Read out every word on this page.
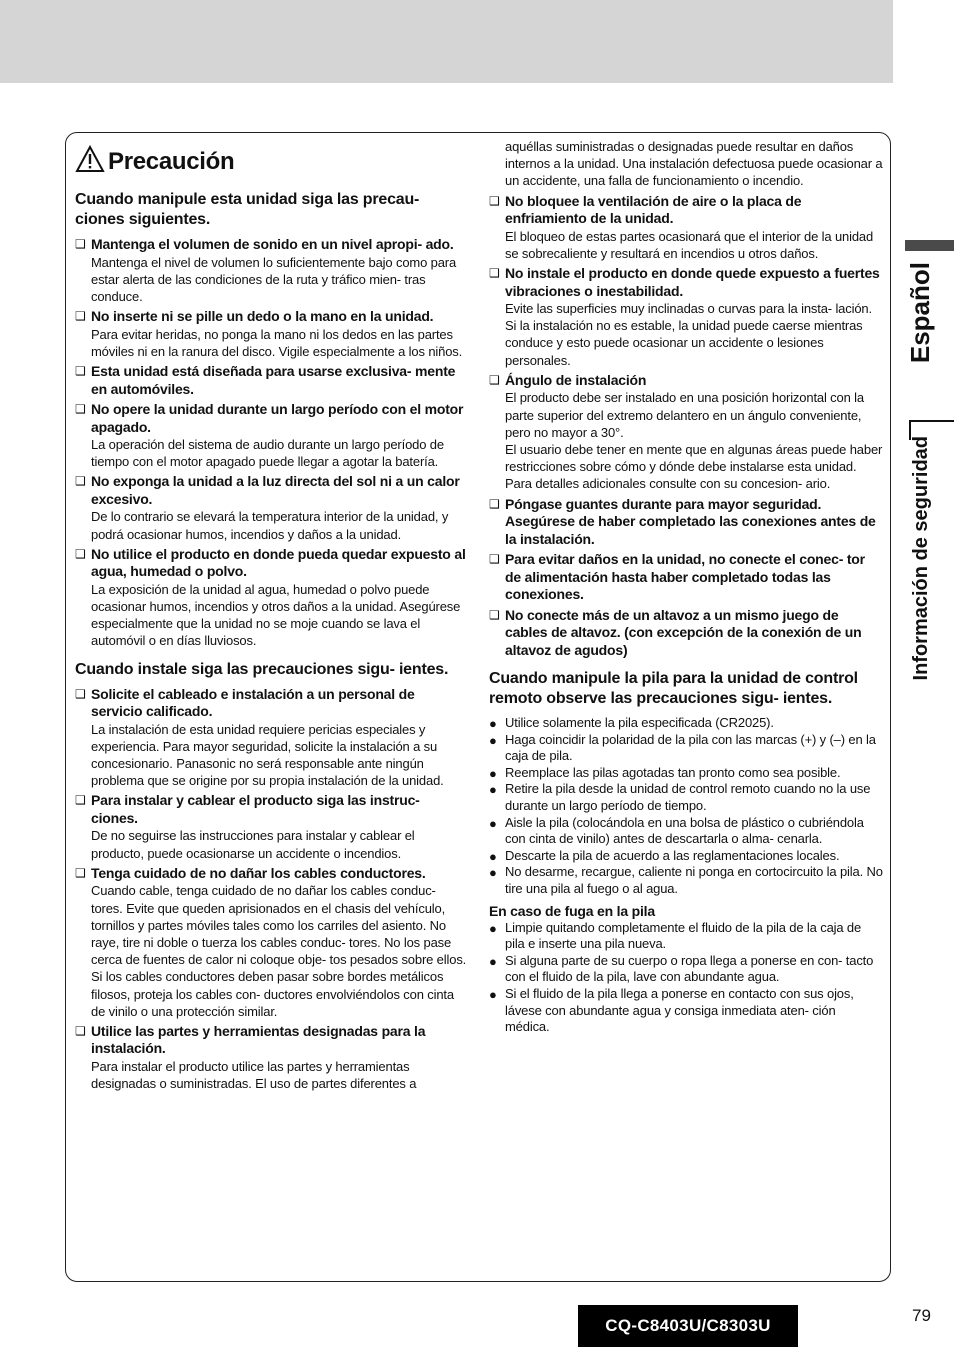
Precaución
Cuando manipule esta unidad siga las precau- ciones siguientes.
❑ Mantenga el volumen de sonido en un nivel apropi- ado.
Mantenga el nivel de volumen lo suficientemente bajo como para estar alerta de las condiciones de la ruta y tráfico mien- tras conduce.
❑ No inserte ni se pille un dedo o la mano en la unidad.
Para evitar heridas, no ponga la mano ni los dedos en las partes móviles ni en la ranura del disco. Vigile especialmente a los niños.
❑ Esta unidad está diseñada para usarse exclusiva- mente en automóviles.
❑ No opere la unidad durante un largo período con el motor apagado.
La operación del sistema de audio durante un largo período de tiempo con el motor apagado puede llegar a agotar la batería.
❑ No exponga la unidad a la luz directa del sol ni a un calor excesivo.
De lo contrario se elevará la temperatura interior de la unidad, y podrá ocasionar humos, incendios y daños a la unidad.
❑ No utilice el producto en donde pueda quedar expuesto al agua, humedad o polvo.
La exposición de la unidad al agua, humedad o polvo puede ocasionar humos, incendios y otros daños a la unidad. Asegúrese especialmente que la unidad no se moje cuando se lava el automóvil o en días lluviosos.
Cuando instale siga las precauciones sigu- ientes.
❑ Solicite el cableado e instalación a un personal de servicio calificado.
La instalación de esta unidad requiere pericias especiales y experiencia. Para mayor seguridad, solicite la instalación a su concesionario. Panasonic no será responsable ante ningún problema que se origine por su propia instalación de la unidad.
❑ Para instalar y cablear el producto siga las instruc- ciones.
De no seguirse las instrucciones para instalar y cablear el producto, puede ocasionarse un accidente o incendios.
❑ Tenga cuidado de no dañar los cables conductores.
Cuando cable, tenga cuidado de no dañar los cables conduc- tores. Evite que queden aprisionados en el chasis del vehículo, tornillos y partes móviles tales como los carriles del asiento. No raye, tire ni doble o tuerza los cables conduc- tores. No los pase cerca de fuentes de calor ni coloque obje- tos pesados sobre ellos. Si los cables conductores deben pasar sobre bordes metálicos filosos, proteja los cables con- ductores envolviéndolos con cinta de vinilo o una protección similar.
❑ Utilice las partes y herramientas designadas para la instalación.
Para instalar el producto utilice las partes y herramientas designadas o suministradas. El uso de partes diferentes a
aquéllas suministradas o designadas puede resultar en daños internos a la unidad. Una instalación defectuosa puede ocasionar a un accidente, una falla de funcionamiento o incendio.
❑ No bloquee la ventilación de aire o la placa de enfriamiento de la unidad.
El bloqueo de estas partes ocasionará que el interior de la unidad se sobrecaliente y resultará en incendios u otros daños.
❑ No instale el producto en donde quede expuesto a fuertes vibraciones o inestabilidad.
Evite las superficies muy inclinadas o curvas para la insta- lación. Si la instalación no es estable, la unidad puede caerse mientras conduce y esto puede ocasionar un accidente o lesiones personales.
❑ Ángulo de instalación
El producto debe ser instalado en una posición horizontal con la parte superior del extremo delantero en un ángulo conveniente, pero no mayor a 30°.
El usuario debe tener en mente que en algunas áreas puede haber restricciones sobre cómo y dónde debe instalarse esta unidad. Para detalles adicionales consulte con su concesion- ario.
❑ Póngase guantes durante para mayor seguridad. Asegúrese de haber completado las conexiones antes de la instalación.
❑ Para evitar daños en la unidad, no conecte el conec- tor de alimentación hasta haber completado todas las conexiones.
❑ No conecte más de un altavoz a un mismo juego de cables de altavoz. (con excepción de la conexión de un altavoz de agudos)
Cuando manipule la pila para la unidad de control remoto observe las precauciones sigu- ientes.
● Utilice solamente la pila especificada (CR2025).
● Haga coincidir la polaridad de la pila con las marcas (+) y (–) en la caja de pila.
● Reemplace las pilas agotadas tan pronto como sea posible.
● Retire la pila desde la unidad de control remoto cuando no la use durante un largo período de tiempo.
● Aisle la pila (colocándola en una bolsa de plástico o cubriéndola con cinta de vinilo) antes de descartarla o alma- cenarla.
● Descarte la pila de acuerdo a las reglamentaciones locales.
● No desarme, recargue, caliente ni ponga en cortocircuito la pila. No tire una pila al fuego o al agua.
En caso de fuga en la pila
● Limpie quitando completamente el fluido de la pila de la caja de pila e inserte una pila nueva.
● Si alguna parte de su cuerpo o ropa llega a ponerse en con- tacto con el fluido de la pila, lave con abundante agua.
● Si el fluido de la pila llega a ponerse en contacto con sus ojos, lávese con abundante agua y consiga inmediata aten- ción médica.
Español
Información de seguridad
CQ-C8403U/C8303U
79
